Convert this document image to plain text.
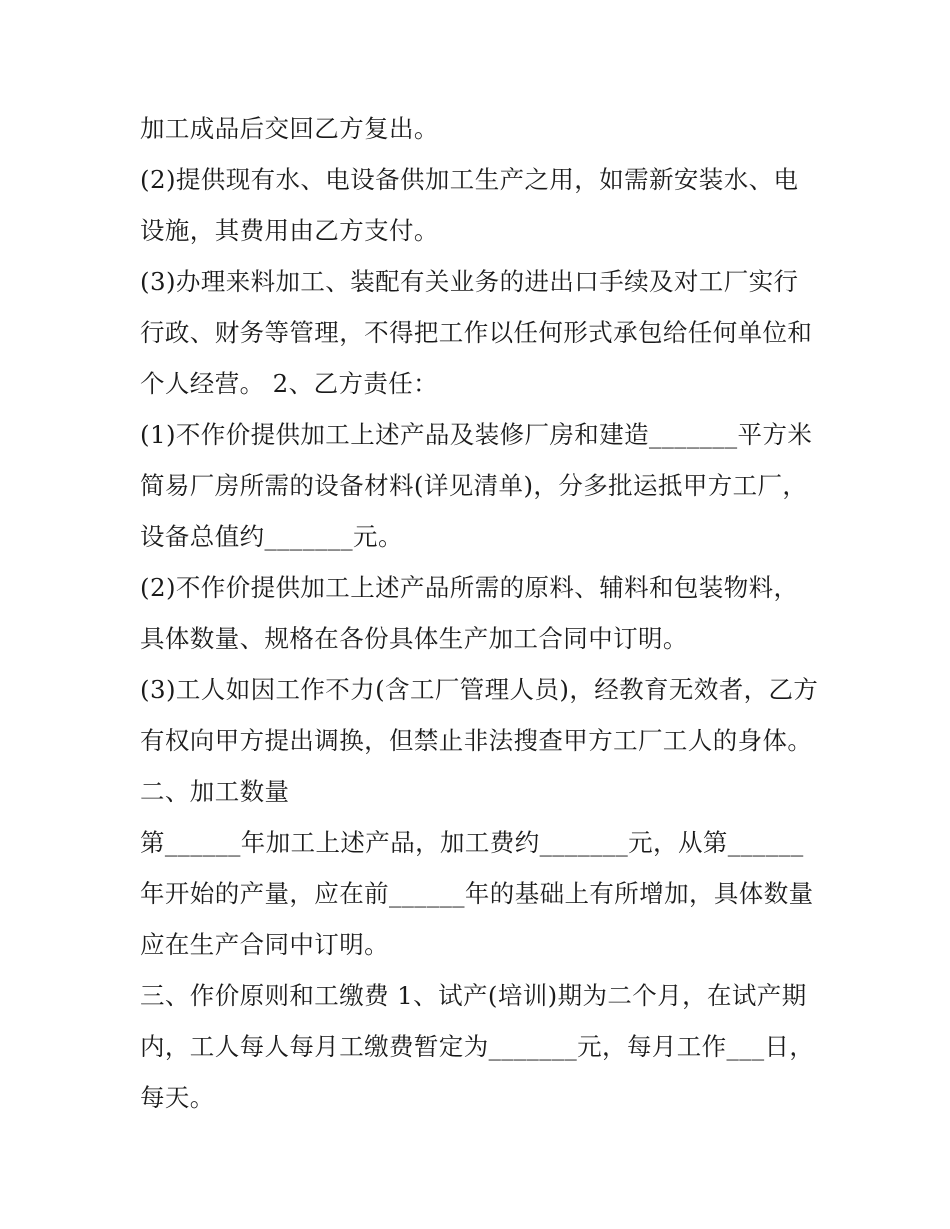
加工成品后交回乙方复出。
(2)提供现有水、电设备供加工生产之用，如需新安装水、电
设施，其费用由乙方支付。
(3)办理来料加工、装配有关业务的进出口手续及对工厂实行
行政、财务等管理，不得把工作以任何形式承包给任何单位和
个人经营。 2、乙方责任：
(1)不作价提供加工上述产品及装修厂房和建造_______平方米
简易厂房所需的设备材料(详见清单)，分多批运抵甲方工厂，
设备总值约_______元。
(2)不作价提供加工上述产品所需的原料、辅料和包装物料，
具体数量、规格在各份具体生产加工合同中订明。
(3)工人如因工作不力(含工厂管理人员)，经教育无效者，乙方
有权向甲方提出调换，但禁止非法搜查甲方工厂工人的身体。
二、加工数量
第______年加工上述产品，加工费约_______元，从第______
年开始的产量，应在前______年的基础上有所增加，具体数量
应在生产合同中订明。
三、作价原则和工缴费 1、试产(培训)期为二个月，在试产期
内，工人每人每月工缴费暂定为_______元，每月工作___日，
每天。
